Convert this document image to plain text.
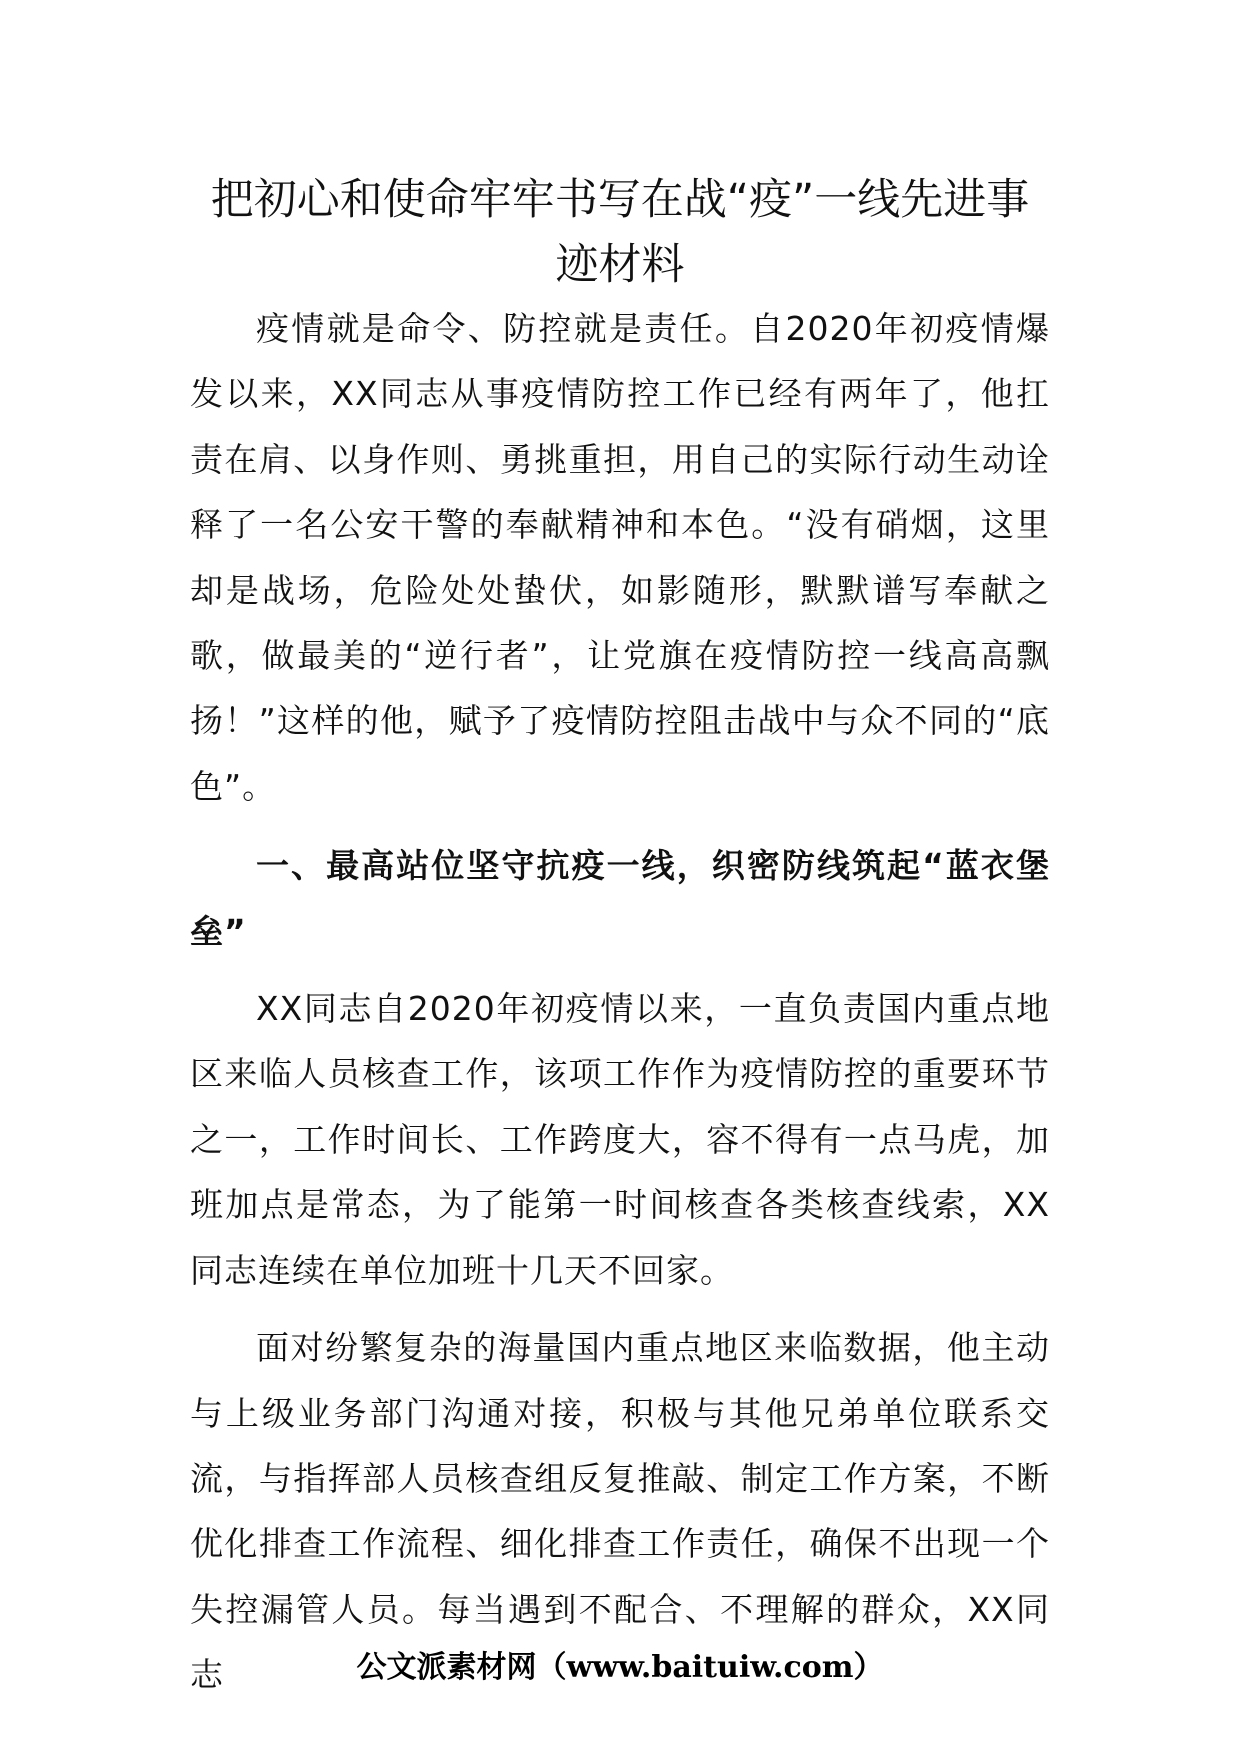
把初心和使命牢牢书写在战“疫”一线先进事迹材料

疫情就是命令、防控就是责任。自2020年初疫情爆发以来，XX同志从事疫情防控工作已经有两年了，他扛责在肩、以身作则、勇挑重担，用自己的实际行动生动诠释了一名公安干警的奉献精神和本色。“没有硝烟，这里却是战场，危险处处蛰伏，如影随形，默默谱写奉献之歌，做最美的“逆行者”，让党旗在疫情防控一线高高飘扬！”这样的他，赋予了疫情防控阻击战中与众不同的“底色”。

一、最高站位坚守抗疫一线，织密防线筑起“蓝衣堡垒”

XX同志自2020年初疫情以来，一直负责国内重点地区来临人员核查工作，该项工作作为疫情防控的重要环节之一，工作时间长、工作跨度大，容不得有一点马虎，加班加点是常态，为了能第一时间核查各类核查线索，XX同志连续在单位加班十几天不回家。

面对纷繁复杂的海量国内重点地区来临数据，他主动与上级业务部门沟通对接，积极与其他兄弟单位联系交流，与指挥部人员核查组反复推敲、制定工作方案，不断优化排查工作流程、细化排查工作责任，确保不出现一个失控漏管人员。每当遇到不配合、不理解的群众，XX同志	公文派素材网（www.baituiw.com）
